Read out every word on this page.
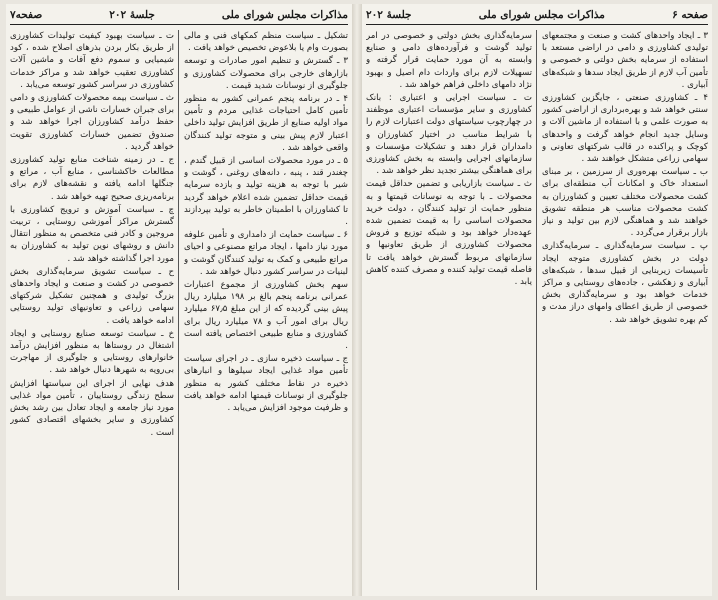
مذاکرات مجلس شورای ملی
جلسهٔ ۲۰۲
صفحه۷

تشکیل ـ سیاست منظم کمکهای فنی و مالی بصورت وام یا بلاعوض تخصیص خواهد یافت .

۳ ـ گسترش و تنظیم امور صادرات و توسعه بازارهای خارجی برای محصولات کشاورزی و جلوگیری از نوسانات شدید قیمت .

۴ ـ در برنامه پنجم عمرانی کشور به منظور تأمین کامل احتیاجات غذایی مردم و تأمین مواد اولیه صنایع از طریق افزایش تولید داخلی اعتبار لازم پیش بینی و متوجه تولید کنندگان واقعی خواهد شد .

۵ ـ در مورد محصولات اساسی از قبیل گندم ، چغندر قند ، پنبه ، دانه‌های روغنی ، گوشت و شیر با توجه به هزینه تولید و بازده سرمایه قیمت حداقل تضمین شده اعلام خواهد گردید تا کشاورزان با اطمینان خاطر به تولید بپردازند .

۶ ـ سیاست حمایت از دامداری و تأمین علوفه مورد نیاز دامها ، ایجاد مراتع مصنوعی و احیای مراتع طبیعی و کمک به تولید کنندگان گوشت و لبنیات در سراسر کشور دنبال خواهد شد .

سهم بخش کشاورزی از مجموع اعتبارات عمرانی برنامه پنجم بالغ بر ۱۹۸ میلیارد ریال پیش بینی گردیده که از این مبلغ ۶۷٫۵ میلیارد ریال برای امور آب و ۷۸ میلیارد ریال برای کشاورزی و منابع طبیعی اختصاص یافته است .

ج ـ سیاست ذخیره سازی ـ در اجرای سیاست تأمین مواد غذایی ایجاد سیلوها و انبارهای ذخیره در نقاط مختلف کشور به منظور جلوگیری از نوسانات قیمتها ادامه خواهد یافت و ظرفیت موجود افزایش می‌یابد .

ت ـ سیاست بهبود کیفیت تولیدات کشاورزی از طریق بکار بردن بذرهای اصلاح شده ، کود شیمیایی و سموم دفع آفات و ماشین آلات کشاورزی تعقیب خواهد شد و مراکز خدمات کشاورزی در سراسر کشور توسعه می‌یابد .

ث ـ سیاست بیمه محصولات کشاورزی و دامی برای جبران خسارات ناشی از عوامل طبیعی و حفظ درآمد کشاورزان اجرا خواهد شد و صندوق تضمین خسارات کشاورزی تقویت خواهد گردید .

ج ـ در زمینه شناخت منابع تولید کشاورزی مطالعات خاکشناسی ، منابع آب ، مراتع و جنگلها ادامه یافته و نقشه‌های لازم برای برنامه‌ریزی صحیح تهیه خواهد شد .

چ ـ سیاست آموزش و ترویج کشاورزی با گسترش مراکز آموزشی روستایی ، تربیت مروجین و کادر فنی متخصص به منظور انتقال دانش و روشهای نوین تولید به کشاورزان به مورد اجرا گذاشته خواهد شد .

ح ـ سیاست تشویق سرمایه‌گذاری بخش خصوصی در کشت و صنعت و ایجاد واحدهای بزرگ تولیدی و همچنین تشکیل شرکتهای سهامی زراعی و تعاونیهای تولید روستایی ادامه خواهد یافت .

خ ـ سیاست توسعه صنایع روستایی و ایجاد اشتغال در روستاها به منظور افزایش درآمد خانوارهای روستایی و جلوگیری از مهاجرت بی‌رویه به شهرها دنبال خواهد شد .

هدف نهایی از اجرای این سیاستها افزایش سطح زندگی روستاییان ، تأمین مواد غذایی مورد نیاز جامعه و ایجاد تعادل بین رشد بخش کشاورزی و سایر بخشهای اقتصادی کشور است .

صفحه ۶
مذاکرات مجلس شورای ملی
جلسهٔ ۲۰۲

۳ ـ ایجاد واحدهای کشت و صنعت و مجتمعهای تولیدی کشاورزی و دامی در اراضی مستعد با استفاده از سرمایه بخش دولتی و خصوصی و تأمین آب لازم از طریق ایجاد سدها و شبکه‌های آبیاری .

۴ ـ کشاورزی صنعتی ، جایگزین کشاورزی سنتی خواهد شد و بهره‌برداری از اراضی کشور به صورت علمی و با استفاده از ماشین آلات و وسایل جدید انجام خواهد گرفت و واحدهای کوچک و پراکنده در قالب شرکتهای تعاونی و سهامی زراعی متشکل خواهند شد .

ب ـ سیاست بهره‌وری از سرزمین ، بر مبنای استعداد خاک و امکانات آب منطقه‌ای برای کشت محصولات مختلف تعیین و کشاورزان به کشت محصولات مناسب هر منطقه تشویق خواهند شد و هماهنگی لازم بین تولید و نیاز بازار برقرار می‌گردد .

پ ـ سیاست سرمایه‌گذاری ـ سرمایه‌گذاری دولت در بخش کشاورزی متوجه ایجاد تأسیسات زیربنایی از قبیل سدها ، شبکه‌های آبیاری و زهکشی ، جاده‌های روستایی و مراکز خدمات خواهد بود و سرمایه‌گذاری بخش خصوصی از طریق اعطای وامهای دراز مدت و کم بهره تشویق خواهد شد .

سرمایه‌گذاری بخش دولتی و خصوصی در امر تولید گوشت و فرآورده‌های دامی و صنایع وابسته به آن مورد حمایت قرار گرفته و تسهیلات لازم برای واردات دام اصیل و بهبود نژاد دامهای داخلی فراهم خواهد شد .

ت ـ سیاست اجرایی و اعتباری : بانک کشاورزی و سایر مؤسسات اعتباری موظفند در چهارچوب سیاستهای دولت اعتبارات لازم را با شرایط مناسب در اختیار کشاورزان و دامداران قرار دهند و تشکیلات مؤسسات و سازمانهای اجرایی وابسته به بخش کشاورزی برای هماهنگی بیشتر تجدید نظر خواهد شد .

ث ـ سیاست بازاریابی و تضمین حداقل قیمت محصولات ـ با توجه به نوسانات قیمتها و به منظور حمایت از تولید کنندگان ، دولت خرید محصولات اساسی را به قیمت تضمین شده عهده‌دار خواهد بود و شبکه توزیع و فروش محصولات کشاورزی از طریق تعاونیها و سازمانهای مربوط گسترش خواهد یافت تا فاصله قیمت تولید کننده و مصرف کننده کاهش یابد .
